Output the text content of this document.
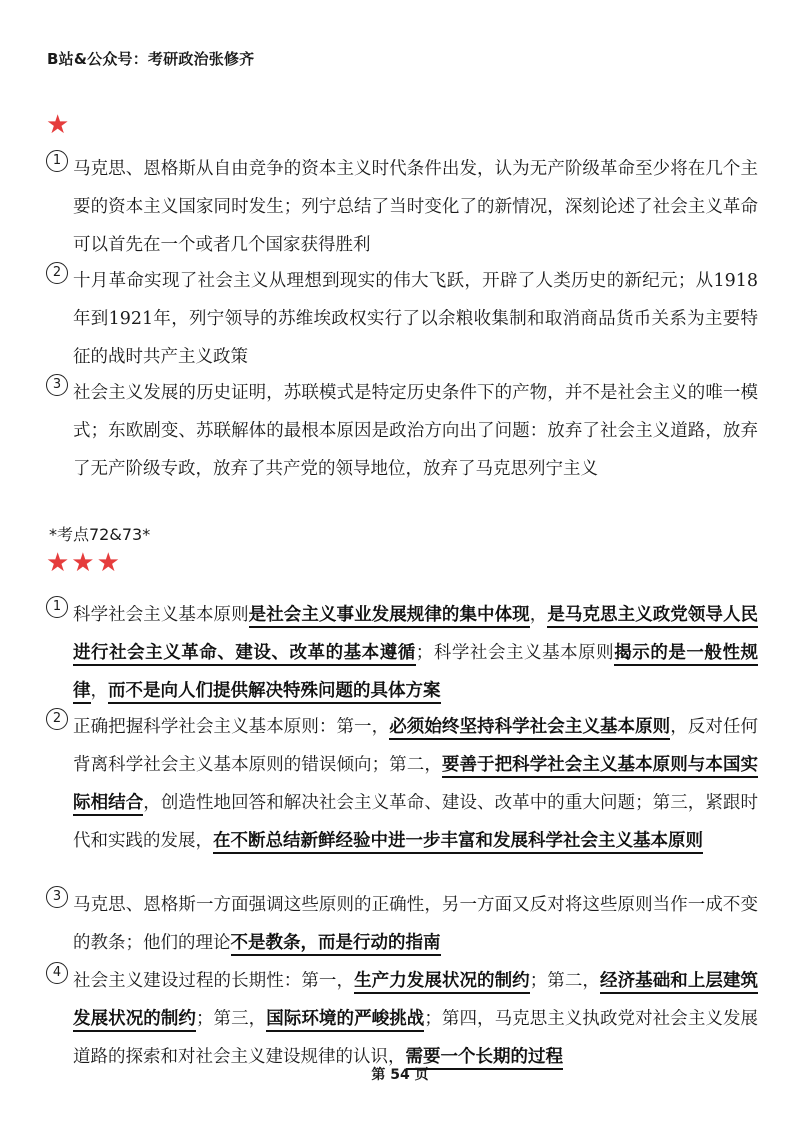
B站&公众号：考研政治张修齐
★
1 马克思、恩格斯从自由竞争的资本主义时代条件出发，认为无产阶级革命至少将在几个主要的资本主义国家同时发生；列宁总结了当时变化了的新情况，深刻论述了社会主义革命可以首先在一个或者几个国家获得胜利

2 十月革命实现了社会主义从理想到现实的伟大飞跃，开辟了人类历史的新纪元；从1918年到1921年，列宁领导的苏维埃政权实行了以余粮收集制和取消商品货币关系为主要特征的战时共产主义政策

3 社会主义发展的历史证明，苏联模式是特定历史条件下的产物，并不是社会主义的唯一模式；东欧剧变、苏联解体的最根本原因是政治方向出了问题：放弃了社会主义道路，放弃了无产阶级专政，放弃了共产党的领导地位，放弃了马克思列宁主义

*考点72&73*
★★★
1 科学社会主义基本原则是社会主义事业发展规律的集中体现，是马克思主义政党领导人民进行社会主义革命、建设、改革的基本遵循；科学社会主义基本原则揭示的是一般性规律，而不是向人们提供解决特殊问题的具体方案

2 正确把握科学社会主义基本原则：第一，必须始终坚持科学社会主义基本原则，反对任何背离科学社会主义基本原则的错误倾向；第二，要善于把科学社会主义基本原则与本国实际相结合，创造性地回答和解决社会主义革命、建设、改革中的重大问题；第三，紧跟时代和实践的发展，在不断总结新鲜经验中进一步丰富和发展科学社会主义基本原则

3 马克思、恩格斯一方面强调这些原则的正确性，另一方面又反对将这些原则当作一成不变的教条；他们的理论不是教条，而是行动的指南

4 社会主义建设过程的长期性：第一，生产力发展状况的制约；第二，经济基础和上层建筑发展状况的制约；第三，国际环境的严峻挑战；第四，马克思主义执政党对社会主义发展道路的探索和对社会主义建设规律的认识，需要一个长期的过程

第 54 页
